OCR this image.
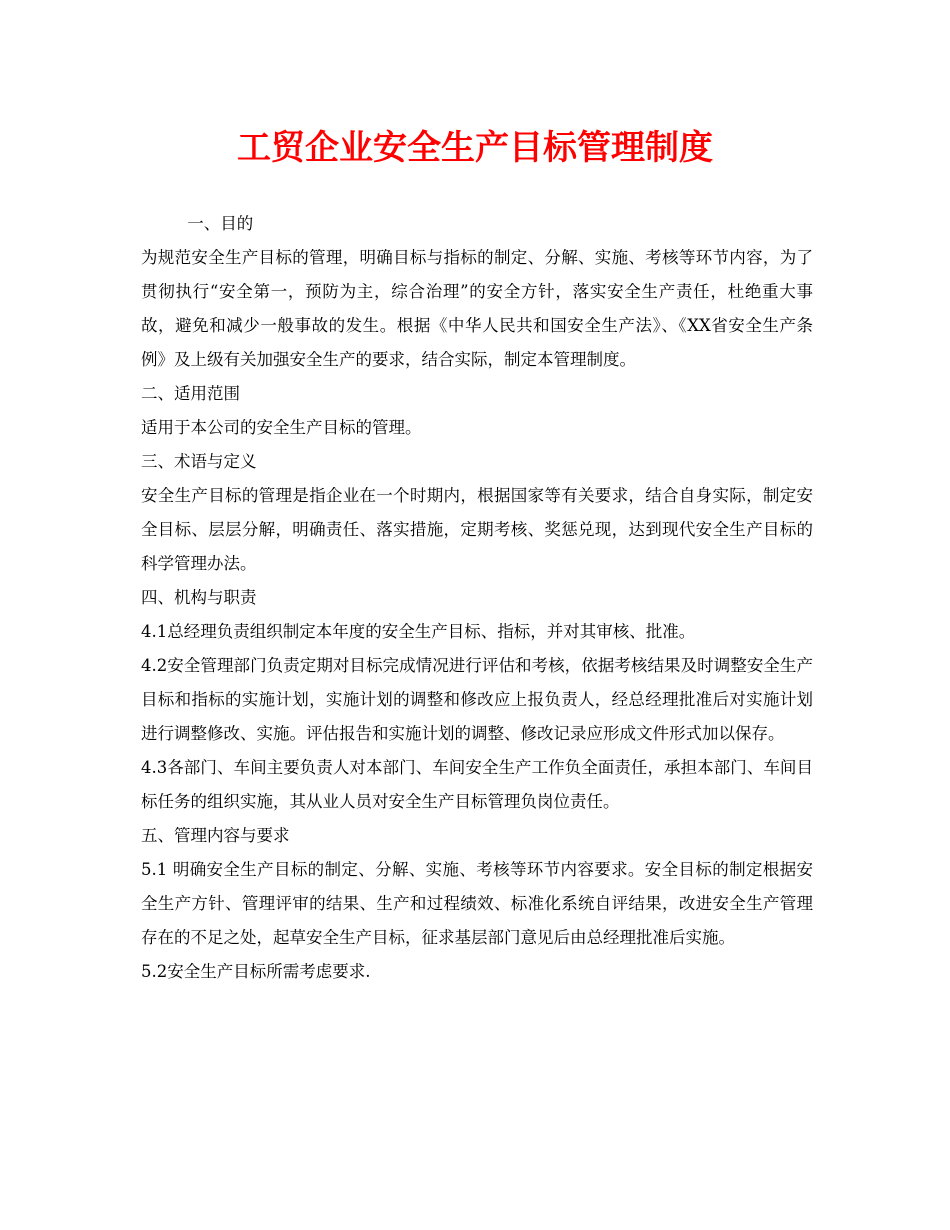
工贸企业安全生产目标管理制度

一、目的

为规范安全生产目标的管理，明确目标与指标的制定、分解、实施、考核等环节内容，为了贯彻执行“安全第一，预防为主，综合治理”的安全方针，落实安全生产责任，杜绝重大事故，避免和减少一般事故的发生。根据《中华人民共和国安全生产法》、《XX省安全生产条例》及上级有关加强安全生产的要求，结合实际，制定本管理制度。

二、适用范围

适用于本公司的安全生产目标的管理。

三、术语与定义

安全生产目标的管理是指企业在一个时期内，根据国家等有关要求，结合自身实际，制定安全目标、层层分解，明确责任、落实措施，定期考核、奖惩兑现，达到现代安全生产目标的科学管理办法。

四、机构与职责

4.1总经理负责组织制定本年度的安全生产目标、指标，并对其审核、批准。

4.2安全管理部门负责定期对目标完成情况进行评估和考核，依据考核结果及时调整安全生产目标和指标的实施计划，实施计划的调整和修改应上报负责人，经总经理批准后对实施计划进行调整修改、实施。评估报告和实施计划的调整、修改记录应形成文件形式加以保存。

4.3各部门、车间主要负责人对本部门、车间安全生产工作负全面责任，承担本部门、车间目标任务的组织实施，其从业人员对安全生产目标管理负岗位责任。

五、管理内容与要求

5.1 明确安全生产目标的制定、分解、实施、考核等环节内容要求。安全目标的制定根据安全生产方针、管理评审的结果、生产和过程绩效、标准化系统自评结果，改进安全生产管理存在的不足之处，起草安全生产目标，征求基层部门意见后由总经理批准后实施。

5.2安全生产目标所需考虑要求.
